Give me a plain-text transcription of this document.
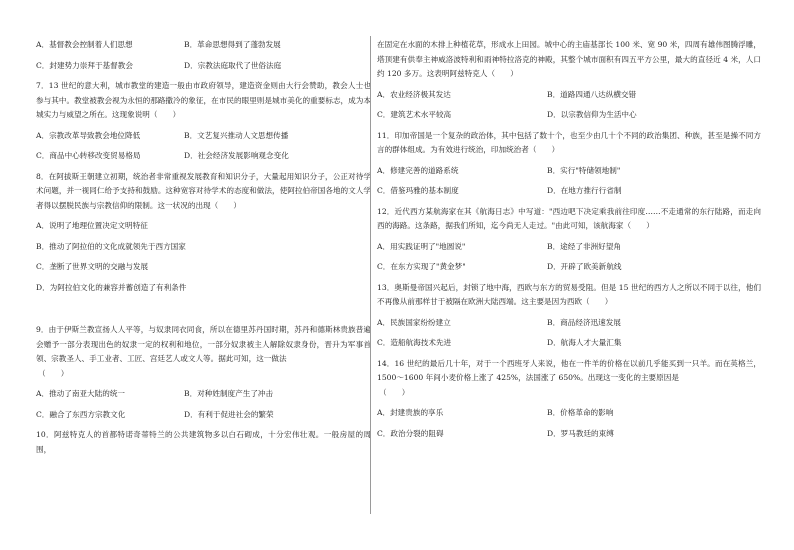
A．基督教会控制着人们思想	B．革命思想得到了蓬勃发展
C．封建势力崇拜于基督教会	D．宗教法庭取代了世俗法庭

7．13 世纪的意大利，城市教堂的建造一般由市政府领导，建造资金则由大行会赞助，教会人士也参与其中。教堂被教会视为永恒的那路撒冷的象征，在市民的眼里则是城市美化的重要标志，成为本城实力与威望之所在。这现象说明（　　）

A．宗教改革导致教会地位降低	B．文艺复兴推动人文思想传播
C．商品中心转移改变贸易格局	D．社会经济发展影响观念变化

8．在阿拔斯王朝建立初期，统治者非常重视发展教育和知识分子，大量起用知识分子，公正对待学术问题，并一视同仁给予支持和鼓励。这种宽容对待学术的态度和做法，使阿拉伯帝国各地的文人学者得以摆脱民族与宗教信仰的限制。这一状况的出现（　　）

A．说明了地理位置决定文明特征

B．推动了阿拉伯的文化成就领先于西方国家

C．垄断了世界文明的交融与发展

D．为阿拉伯文化的兼容并蓄创造了有利条件

9．由于伊斯兰教宣扬人人平等，与奴隶同衣同食，所以在德里苏丹国时期，苏丹和德斯林贵族普遍会赠予一部分表现出色的奴隶一定的权利和地位，一部分奴隶被主人解除奴隶身份，晋升为军事首领、宗教圣人、手工业者、工匠、宫廷艺人或文人等。据此可知，这一做法

（　　）

A．推动了南亚大陆的统一	B．对种姓制度产生了冲击
C．融合了东西方宗教文化	D．有利于促进社会的繁荣

10．阿兹特克人的首都特诺奇蒂特兰的公共建筑物多以白石砌成，十分宏伟壮观。一般房屋的周围，

在固定在水面的木排上种植花草，形成水上田园。城中心的主庙基部长 100 米、宽 90 米，四周有雄伟图腾浮雕，塔顶建有供奉主神威洛波特利和雨神特拉洛克的神殿，其整个城市面积有四五平方公里，最大的直径近 4 米，人口约 120 多万。这表明阿兹特克人（　　）

A．农业经济极其发达	B．道路四通八达纵横交错
C．建筑艺术水平较高	D．以宗教信仰为生活中心

11．印加帝国是一个复杂的政治体，其中包括了数十个，也至少由几十个不同的政治集团、种族，甚至是操不同方言的群体组成。为有效进行统治，印加统治者（　　）

A．修建完善的道路系统	B．实行"特储领地制"
C．借鉴玛雅的基本制度	D．在地方推行行省制

12．近代西方某航海家在其《航海日志》中写道："西边吧下决定乘我前往印度……不走通常的东行陆路，而走向西的海路。这条路，据我们所知，迄今尚无人走过。"由此可知，该航海家（　　）

A．用实践证明了"地圆说"	B．途经了非洲好望角
C．在东方实现了"黄金梦"	D．开辟了欧美新航线

13．奥斯曼帝国兴起后，封锁了地中海，西欧与东方的贸易受阻。但是 15 世纪的西方人之所以不同于以往，他们不再像从前那样甘于被隔在欧洲大陆西端。这主要是因为西欧（　　）

A．民族国家纷纷建立	B．商品经济迅速发展
C．造船航海技术先进	D．航海人才大量汇集

14．16 世纪的最后几十年，对于一个西班牙人来说，他在一件羊的价格在以前几乎能买到一只羊。而在英格兰，1500～1600 年间小麦价格上涨了 425%，法国涨了 650%。出现这一变化的主要原因是

（　　）

A．封建贵族的享乐	B．价格革命的影响
C．政治分裂的阻碍	D．罗马教廷的束缚
